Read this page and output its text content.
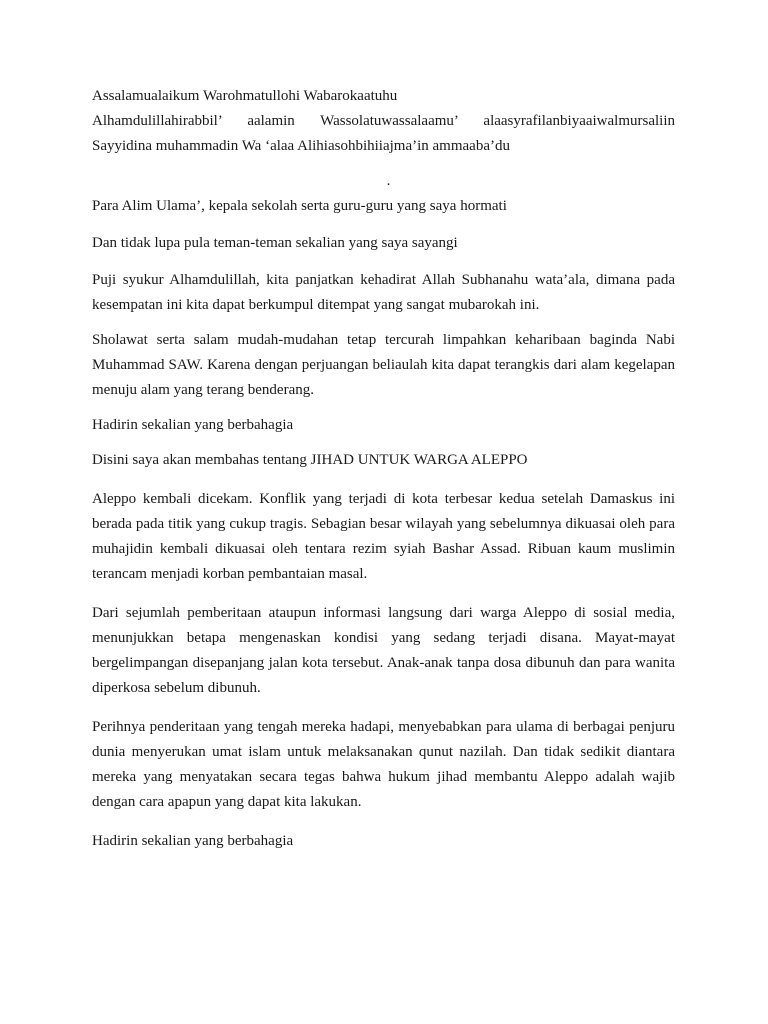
Assalamualaikum Warohmatullohi Wabarokaatuhu

Alhamdulillahirabbil’ aalamin Wassolatuwassalaamu’ alaasyrafilanbiyaaiwalmursaliin

Sayyidina muhammadin Wa ‘alaa Alihiasohbihiiajma’in ammaaba’du

.

Para Alim Ulama’, kepala sekolah serta guru-guru yang saya hormati

Dan tidak lupa pula teman-teman sekalian yang saya sayangi

Puji syukur Alhamdulillah, kita panjatkan kehadirat Allah Subhanahu wata’ala, dimana pada kesempatan ini kita dapat berkumpul ditempat yang sangat mubarokah ini.

Sholawat serta salam mudah-mudahan tetap tercurah limpahkan keharibaan baginda Nabi Muhammad SAW. Karena dengan perjuangan beliaulah kita dapat terangkis dari alam kegelapan menuju alam yang terang benderang.

Hadirin sekalian yang berbahagia

Disini saya akan membahas tentang JIHAD UNTUK WARGA ALEPPO

Aleppo kembali dicekam. Konflik yang terjadi di kota terbesar kedua setelah Damaskus ini berada pada titik yang cukup tragis. Sebagian besar wilayah yang sebelumnya dikuasai oleh para muhajidin kembali dikuasai oleh tentara rezim syiah Bashar Assad. Ribuan kaum muslimin terancam menjadi korban pembantaian masal.

Dari sejumlah pemberitaan ataupun informasi langsung dari warga Aleppo di sosial media, menunjukkan betapa mengenaskan kondisi yang sedang terjadi disana. Mayat-mayat bergelimpangan disepanjang jalan kota tersebut. Anak-anak tanpa dosa dibunuh dan para wanita diperkosa sebelum dibunuh.

Perihnya penderitaan yang tengah mereka hadapi, menyebabkan para ulama di berbagai penjuru dunia menyerukan umat islam untuk melaksanakan qunut nazilah. Dan tidak sedikit diantara mereka yang menyatakan secara tegas bahwa hukum jihad membantu Aleppo adalah wajib dengan cara apapun yang dapat kita lakukan.

Hadirin sekalian yang berbahagia
